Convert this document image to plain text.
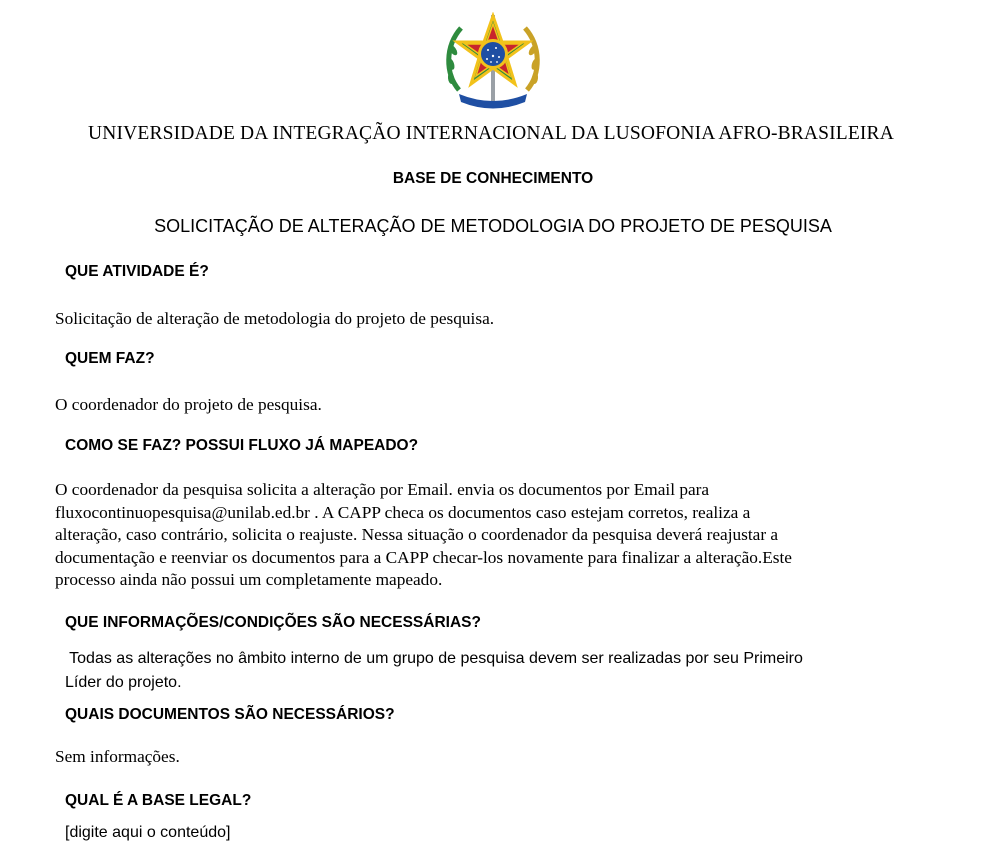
UNIVERSIDADE DA INTEGRAÇÃO INTERNACIONAL DA LUSOFONIA AFRO-BRASILEIRA
BASE DE CONHECIMENTO
SOLICITAÇÃO DE ALTERAÇÃO DE METODOLOGIA DO PROJETO DE PESQUISA
QUE ATIVIDADE É?
Solicitação de alteração de metodologia do projeto de pesquisa.
QUEM FAZ?
O coordenador do projeto de pesquisa.
COMO SE FAZ? POSSUI FLUXO JÁ MAPEADO?
O coordenador da pesquisa solicita a alteração por Email. envia os documentos por Email para
fluxocontinuopesquisa@unilab.ed.br . A CAPP checa os documentos caso estejam corretos, realiza a
alteração, caso contrário, solicita o reajuste. Nessa situação o coordenador da pesquisa deverá reajustar a
documentação e reenviar os documentos para a CAPP checar-los novamente para finalizar a alteração.Este
processo ainda não possui um completamente mapeado.
QUE INFORMAÇÕES/CONDIÇÕES SÃO NECESSÁRIAS?
Todas as alterações no âmbito interno de um grupo de pesquisa devem ser realizadas por seu Primeiro
Líder do projeto.
QUAIS DOCUMENTOS SÃO NECESSÁRIOS?
Sem informações.
QUAL É A BASE LEGAL?
[digite aqui o conteúdo]
